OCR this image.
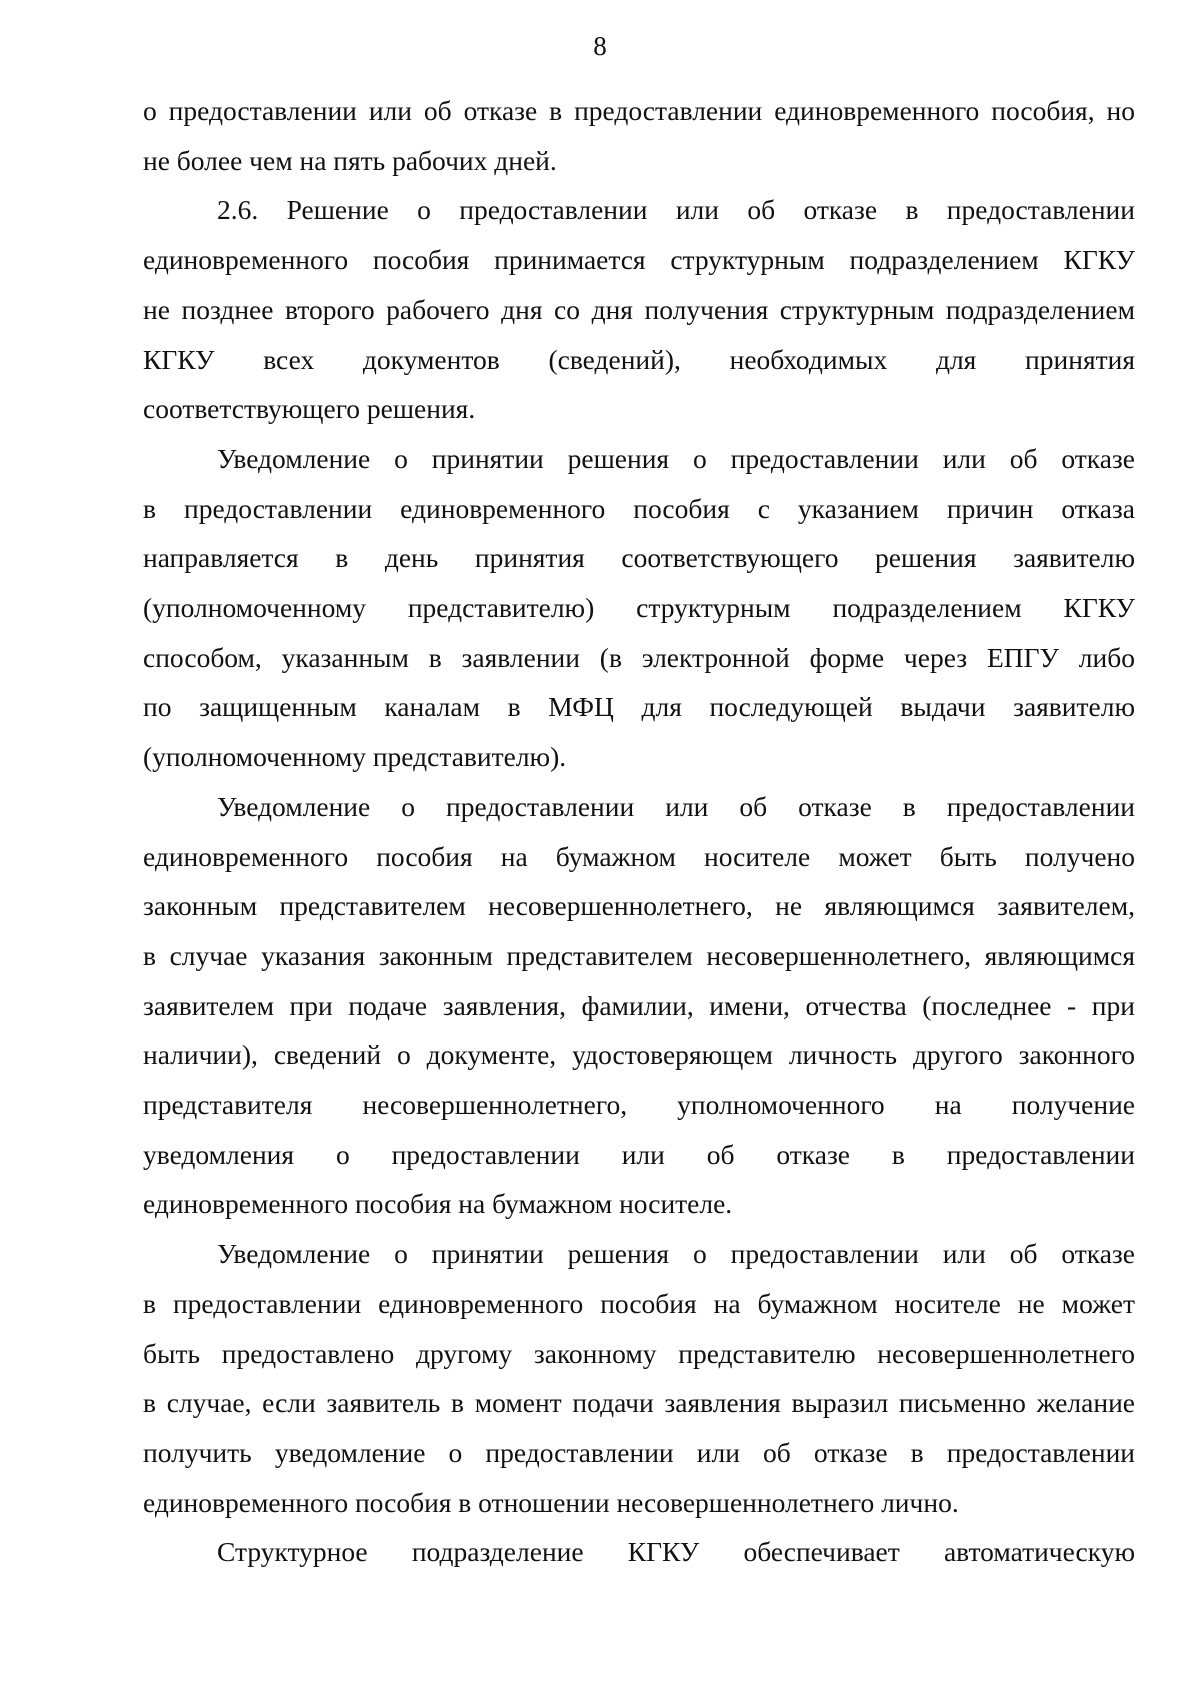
8
о предоставлении или об отказе в предоставлении единовременного пособия, но
не более чем на пять рабочих дней.
2.6. Решение о предоставлении или об отказе в предоставлении
единовременного пособия принимается структурным подразделением КГКУ
не позднее второго рабочего дня со дня получения структурным подразделением
КГКУ всех документов (сведений), необходимых для принятия
соответствующего решения.
Уведомление о принятии решения о предоставлении или об отказе
в предоставлении единовременного пособия с указанием причин отказа
направляется в день принятия соответствующего решения заявителю
(уполномоченному представителю) структурным подразделением КГКУ
способом, указанным в заявлении (в электронной форме через ЕПГУ либо
по защищенным каналам в МФЦ для последующей выдачи заявителю
(уполномоченному представителю).
Уведомление о предоставлении или об отказе в предоставлении
единовременного пособия на бумажном носителе может быть получено
законным представителем несовершеннолетнего, не являющимся заявителем,
в случае указания законным представителем несовершеннолетнего, являющимся
заявителем при подаче заявления, фамилии, имени, отчества (последнее - при
наличии), сведений о документе, удостоверяющем личность другого законного
представителя несовершеннолетнего, уполномоченного на получение
уведомления о предоставлении или об отказе в предоставлении
единовременного пособия на бумажном носителе.
Уведомление о принятии решения о предоставлении или об отказе
в предоставлении единовременного пособия на бумажном носителе не может
быть предоставлено другому законному представителю несовершеннолетнего
в случае, если заявитель в момент подачи заявления выразил письменно желание
получить уведомление о предоставлении или об отказе в предоставлении
единовременного пособия в отношении несовершеннолетнего лично.
Структурное подразделение КГКУ обеспечивает автоматическую
